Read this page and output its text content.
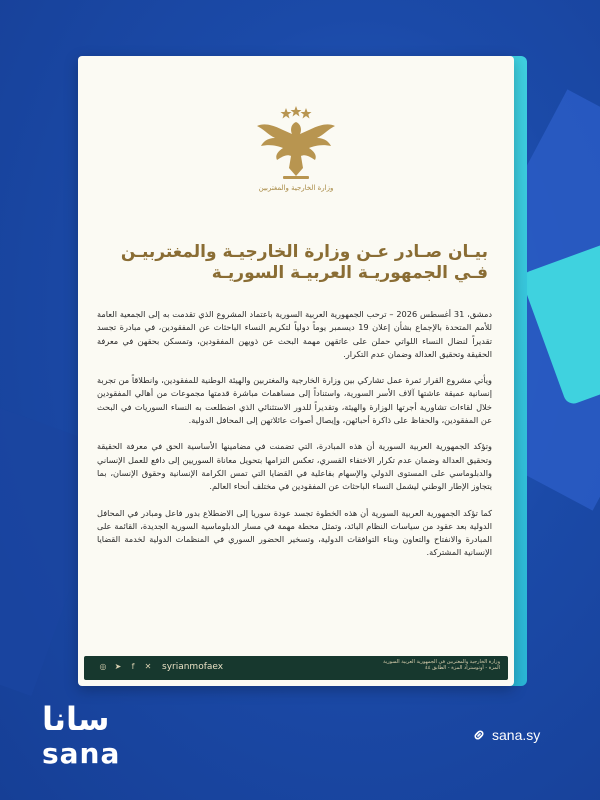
وزارة الخارجية والمغتربين
بيـان صـادر عـن وزارة الخارجيـة والمغتربيـن فـي الجمهوريـة العربيـة السوريـة

دمشق، 31 أغسطس 2026 – ترحب الجمهورية العربية السورية باعتماد المشروع الذي تقدمت به إلى الجمعية العامة للأمم المتحدة بالإجماع بشأن إعلان 19 ديسمبر يوماً دولياً لتكريم النساء الباحثات عن المفقودين، في مبادرة تجسد تقديراً لنضال النساء اللواتي حملن على عاتقهن مهمة البحث عن ذويهن المفقودين، وتمسكن بحقهن في معرفة الحقيقة وتحقيق العدالة وضمان عدم التكرار.

ويأتي مشروع القرار ثمرة عمل تشاركي بين وزارة الخارجية والمغتربين والهيئة الوطنية للمفقودين، وانطلاقاً من تجربة إنسانية عميقة عاشتها آلاف الأسر السورية، واستناداً إلى مساهمات مباشرة قدمتها مجموعات من أهالي المفقودين خلال لقاءات تشاورية أجرتها الوزارة والهيئة، وتقديراً للدور الاستثنائي الذي اضطلعت به النساء السوريات في البحث عن المفقودين، والحفاظ على ذاكرة أحبائهن، وإيصال أصوات عائلاتهن إلى المحافل الدولية.

وتؤكد الجمهورية العربية السورية أن هذه المبادرة، التي تضمنت في مضامينها الأساسية الحق في معرفة الحقيقة وتحقيق العدالة وضمان عدم تكرار الاختفاء القسري، تعكس التزامها بتحويل معاناة السوريين إلى دافع للعمل الإنساني والدبلوماسي على المستوى الدولي والإسهام بفاعلية في القضايا التي تمس الكرامة الإنسانية وحقوق الإنسان، بما يتجاوز الإطار الوطني ليشمل النساء الباحثات عن المفقودين في مختلف أنحاء العالم.

كما تؤكد الجمهورية العربية السورية أن هذه الخطوة تجسد عودة سوريا إلى الاضطلاع بدور فاعل ومبادر في المحافل الدولية بعد عقود من سياسات النظام البائد، وتمثل محطة مهمة في مسار الدبلوماسية السورية الجديدة، القائمة على المبادرة والانفتاح والتعاون وبناء التوافقات الدولية، وتسخير الحضور السوري في المنظمات الدولية لخدمة القضايا الإنسانية المشتركة.

◎ ➤	f	✕ syrianmofaex	وزارة الخارجية والمغتربين في الجمهورية العربية السورية
المزة - أوتوستراد المزة - الطابق ٤٤
سانا
sana
sana.sy
